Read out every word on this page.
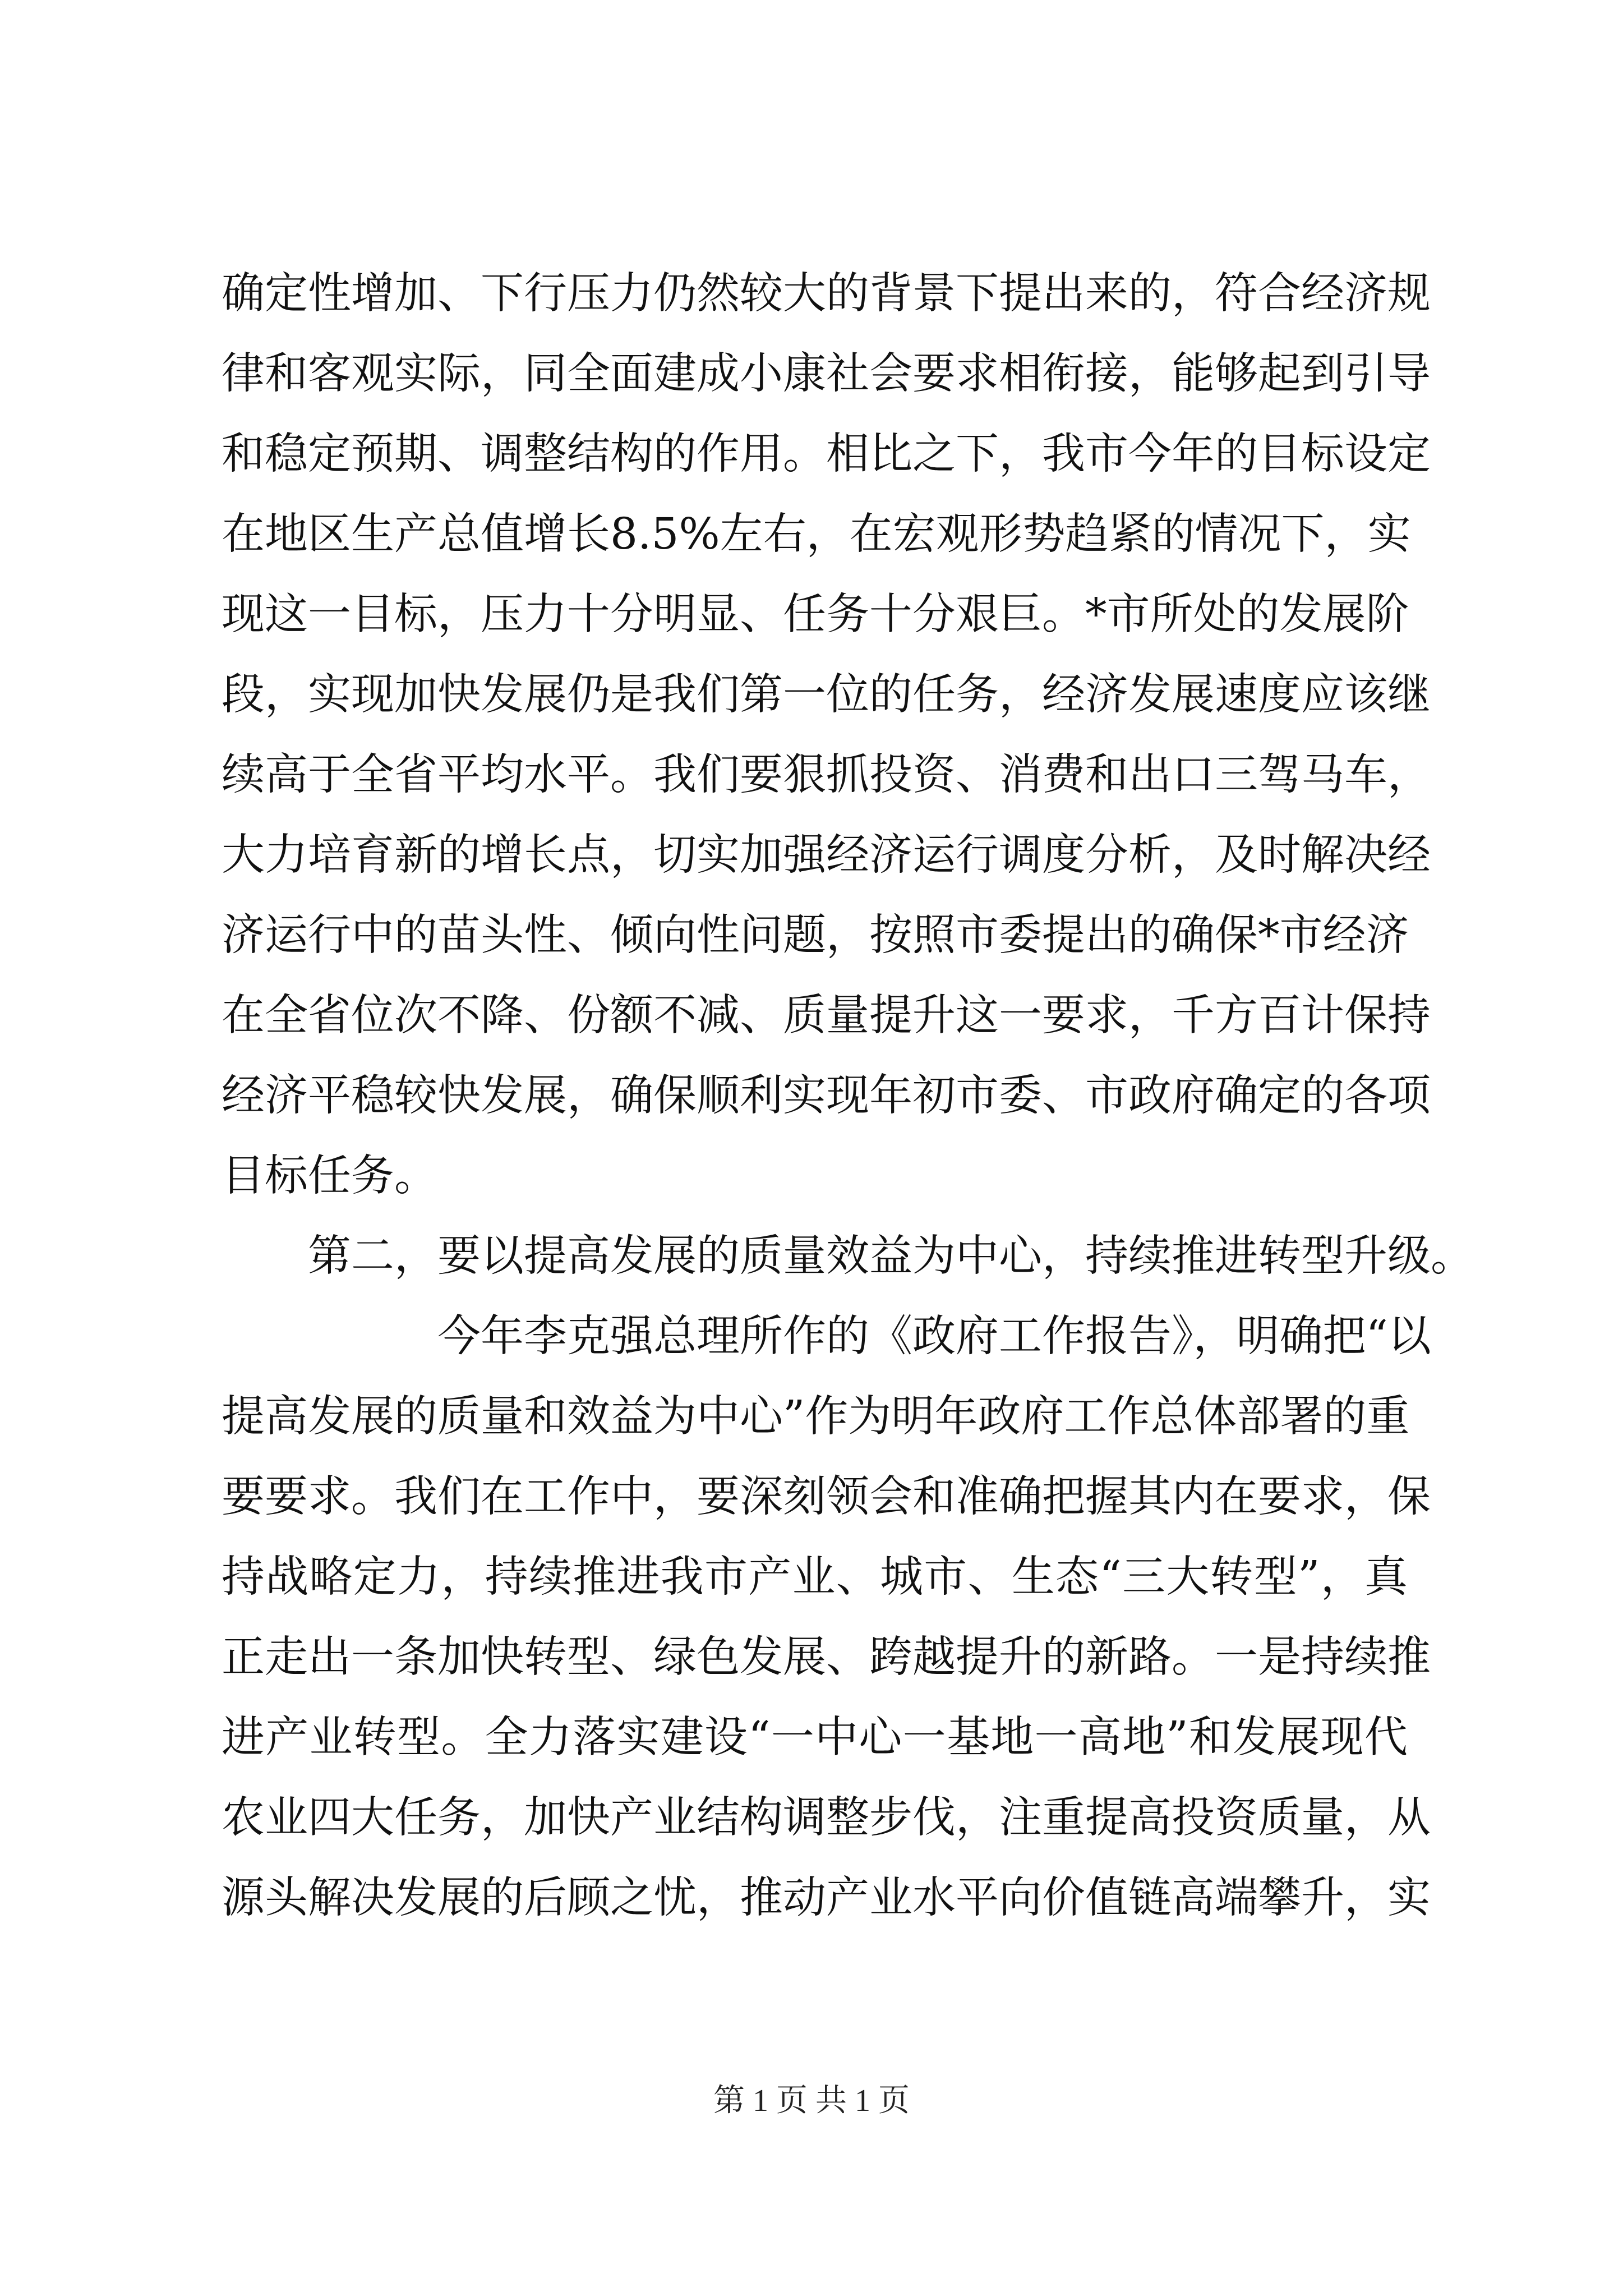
确定性增加、下行压力仍然较大的背景下提出来的，符合经济规
律和客观实际，同全面建成小康社会要求相衔接，能够起到引导
和稳定预期、调整结构的作用。相比之下，我市今年的目标设定
在地区生产总值增长8.5%左右，在宏观形势趋紧的情况下，实
现这一目标，压力十分明显、任务十分艰巨。*市所处的发展阶
段，实现加快发展仍是我们第一位的任务，经济发展速度应该继
续高于全省平均水平。我们要狠抓投资、消费和出口三驾马车，
大力培育新的增长点，切实加强经济运行调度分析，及时解决经
济运行中的苗头性、倾向性问题，按照市委提出的确保*市经济
在全省位次不降、份额不减、质量提升这一要求，千方百计保持
经济平稳较快发展，确保顺利实现年初市委、市政府确定的各项
目标任务。
第二，要以提高发展的质量效益为中心，持续推进转型升级。
今年李克强总理所作的《政府工作报告》，明确把“以
提高发展的质量和效益为中心”作为明年政府工作总体部署的重
要要求。我们在工作中，要深刻领会和准确把握其内在要求，保
持战略定力，持续推进我市产业、城市、生态“三大转型”，真
正走出一条加快转型、绿色发展、跨越提升的新路。一是持续推
进产业转型。全力落实建设“一中心一基地一高地”和发展现代
农业四大任务，加快产业结构调整步伐，注重提高投资质量，从
源头解决发展的后顾之忧，推动产业水平向价值链高端攀升，实
第 1 页 共 1 页
